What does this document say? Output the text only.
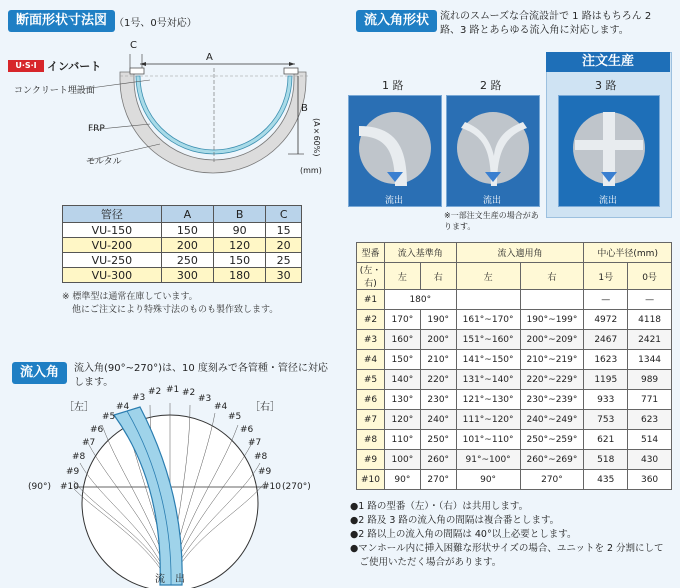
断面形状寸法図 （1号、0号対応）
U·S·I インバート
A
C
B
(A×60%)
コンクリート埋設面
FRP
モルタル
(mm)
管径	A	B	C
VU-150	150	90	15
VU-200	200	120	20
VU-250	250	150	25
VU-300	300	180	30
※ 標準型は通常在庫しています。
他にご注文により特殊寸法のものも製作致します。
流入角	流入角(90°~270°)は、10 度刻みで各管種・管径に対応します。
［左］	［右］
(90°)	(270°)
流　出
#4
#3
#2
#5
#6
#7
#8
#9
#10
#1 #2
#3
#4
#5
#6
#7
#8
#9
#10
流入角形状	流れのスムーズな合流設計で 1 路はもちろん 2 路、3 路とあらゆる流入角に対応します。
注文生産
1 路	2 路	3 路
流出	流出	流出
※一部注文生産の場合があります。
型番	流入基準角		流入適用角		中心半径(mm)	
(左・右)	左	右	左	右	1号	0号
#1	180°				—	—
#2	170°	190°	161°~170°	190°~199°	4972	4118
#3	160°	200°	151°~160°	200°~209°	2467	2421
#4	150°	210°	141°~150°	210°~219°	1623	1344
#5	140°	220°	131°~140°	220°~229°	1195	989
#6	130°	230°	121°~130°	230°~239°	933	771
#7	120°	240°	111°~120°	240°~249°	753	623
#8	110°	250°	101°~110°	250°~259°	621	514
#9	100°	260°	91°~100°	260°~269°	518	430
#10	90°	270°	90°	270°	435	360
●1 路の型番（左）・（右）は共用します。
●2 路及 3 路の流入角の間隔は複合番とします。
●2 路以上の流入角の間隔は 40°以上必要とします。
●マンホール内に挿入困難な形状サイズの場合、ユニットを 2 分割にして
　ご使用いただく場合があります。
